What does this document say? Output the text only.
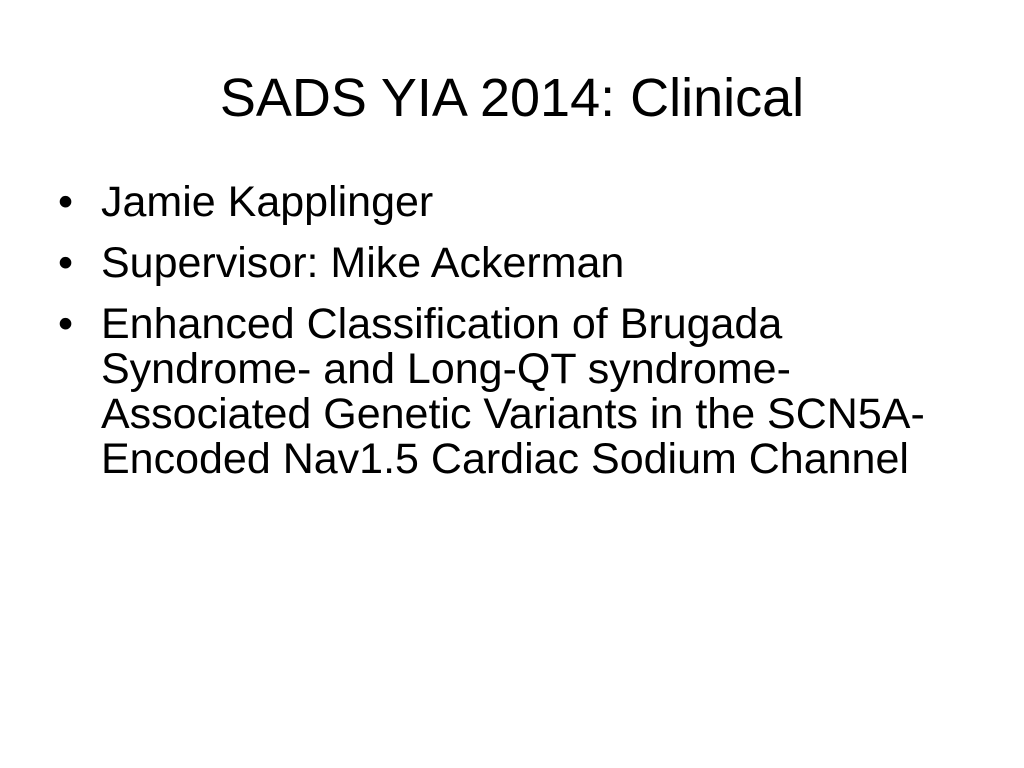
SADS YIA 2014: Clinical
• Jamie Kapplinger
• Supervisor: Mike Ackerman
• Enhanced Classification of Brugada Syndrome- and Long-QT syndrome-Associated Genetic Variants in the SCN5A-Encoded Nav1.5 Cardiac Sodium Channel
